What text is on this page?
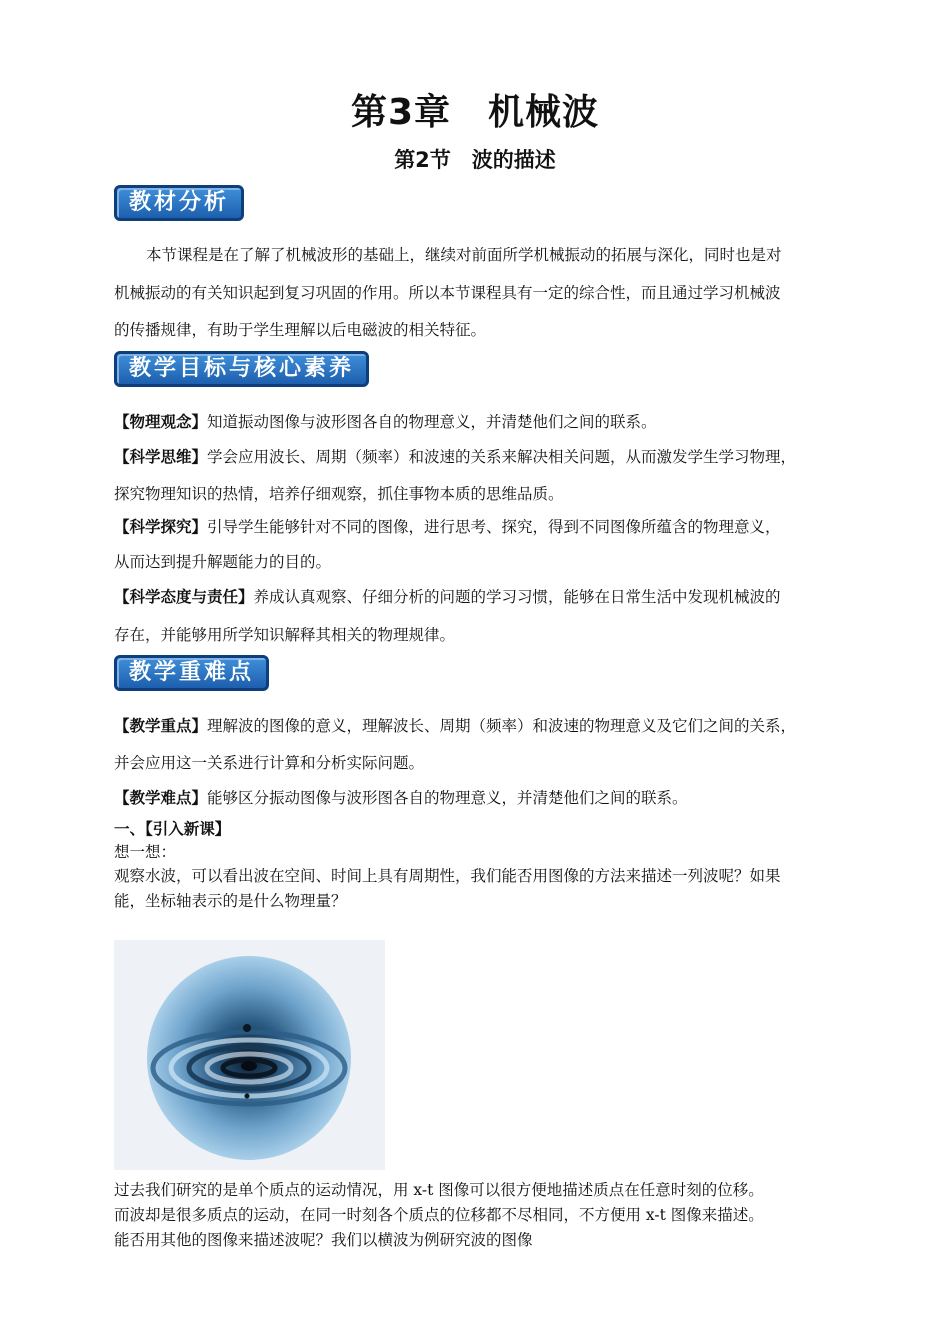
第3章　机械波
第2节　波的描述
教材分析
本节课程是在了解了机械波形的基础上，继续对前面所学机械振动的拓展与深化，同时也是对
机械振动的有关知识起到复习巩固的作用。所以本节课程具有一定的综合性，而且通过学习机械波
的传播规律，有助于学生理解以后电磁波的相关特征。
教学目标与核心素养
【物理观念】知道振动图像与波形图各自的物理意义，并清楚他们之间的联系。
【科学思维】学会应用波长、周期（频率）和波速的关系来解决相关问题，从而激发学生学习物理，
探究物理知识的热情，培养仔细观察，抓住事物本质的思维品质。
【科学探究】引导学生能够针对不同的图像，进行思考、探究，得到不同图像所蕴含的物理意义，
从而达到提升解题能力的目的。
【科学态度与责任】养成认真观察、仔细分析的问题的学习习惯，能够在日常生活中发现机械波的
存在，并能够用所学知识解释其相关的物理规律。
教学重难点
【教学重点】理解波的图像的意义，理解波长、周期（频率）和波速的物理意义及它们之间的关系，
并会应用这一关系进行计算和分析实际问题。
【教学难点】能够区分振动图像与波形图各自的物理意义，并清楚他们之间的联系。
一、【引入新课】
想一想：
观察水波，可以看出波在空间、时间上具有周期性，我们能否用图像的方法来描述一列波呢？如果
能，坐标轴表示的是什么物理量？
过去我们研究的是单个质点的运动情况，用 x-t 图像可以很方便地描述质点在任意时刻的位移。
而波却是很多质点的运动，在同一时刻各个质点的位移都不尽相同，不方便用 x-t 图像来描述。
能否用其他的图像来描述波呢？我们以横波为例研究波的图像
